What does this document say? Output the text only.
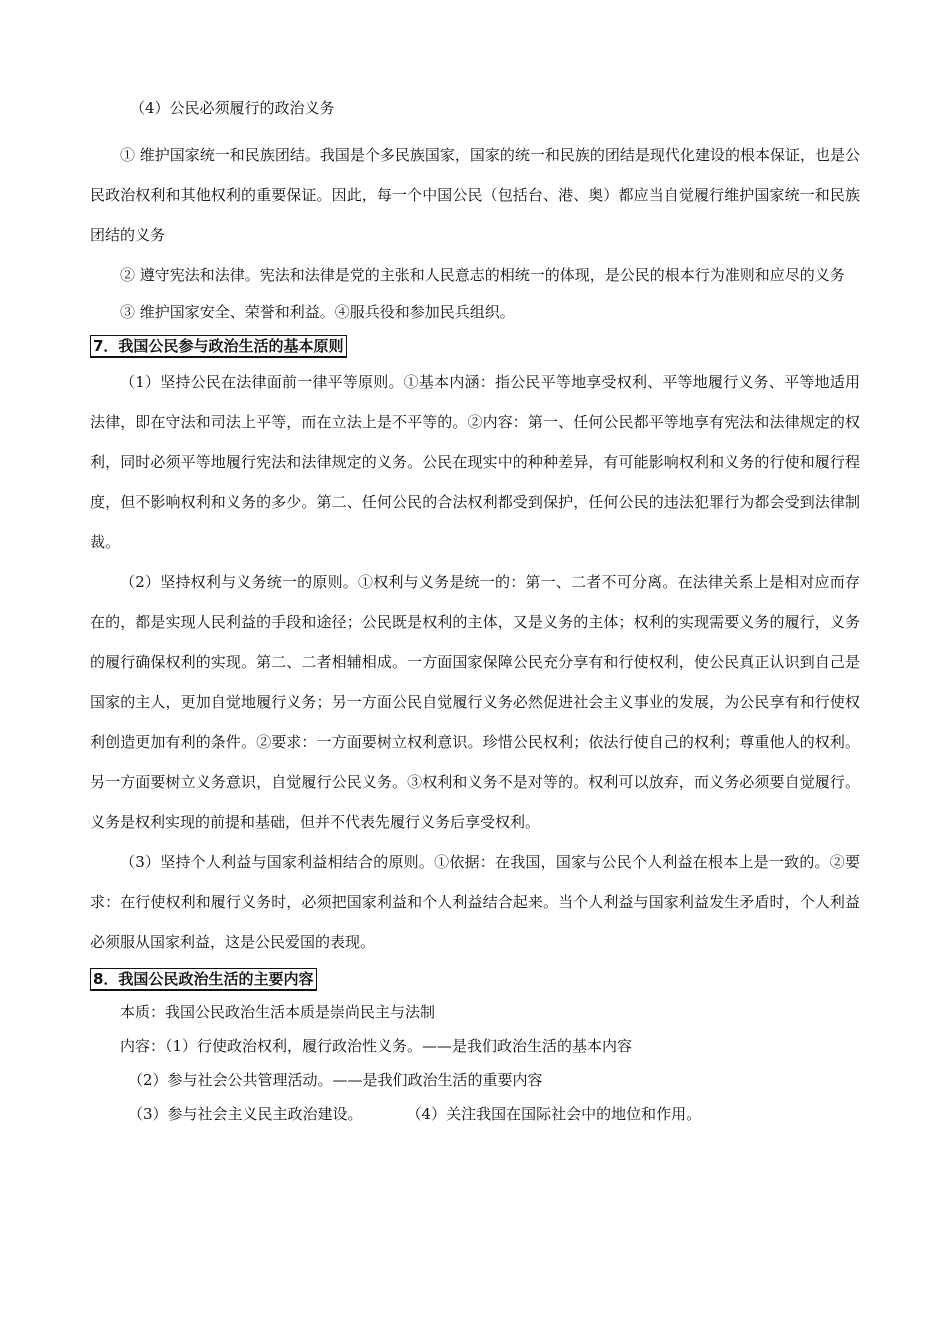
（4）公民必须履行的政治义务
① 维护国家统一和民族团结。我国是个多民族国家，国家的统一和民族的团结是现代化建设的根本保证，也是公民政治权利和其他权利的重要保证。因此，每一个中国公民（包括台、港、奥）都应当自觉履行维护国家统一和民族团结的义务
② 遵守宪法和法律。宪法和法律是党的主张和人民意志的相统一的体现，是公民的根本行为准则和应尽的义务
③ 维护国家安全、荣誉和利益。④服兵役和参加民兵组织。
7．我国公民参与政治生活的基本原则
（1）坚持公民在法律面前一律平等原则。①基本内涵：指公民平等地享受权利、平等地履行义务、平等地适用法律，即在守法和司法上平等，而在立法上是不平等的。②内容：第一、任何公民都平等地享有宪法和法律规定的权利，同时必须平等地履行宪法和法律规定的义务。公民在现实中的种种差异，有可能影响权利和义务的行使和履行程度，但不影响权利和义务的多少。第二、任何公民的合法权利都受到保护，任何公民的违法犯罪行为都会受到法律制裁。
（2）坚持权利与义务统一的原则。①权利与义务是统一的：第一、二者不可分离。在法律关系上是相对应而存在的，都是实现人民利益的手段和途径；公民既是权利的主体，又是义务的主体；权利的实现需要义务的履行，义务的履行确保权利的实现。第二、二者相辅相成。一方面国家保障公民充分享有和行使权利，使公民真正认识到自己是国家的主人，更加自觉地履行义务；另一方面公民自觉履行义务必然促进社会主义事业的发展，为公民享有和行使权利创造更加有利的条件。②要求：一方面要树立权利意识。珍惜公民权利；依法行使自己的权利；尊重他人的权利。另一方面要树立义务意识，自觉履行公民义务。③权利和义务不是对等的。权利可以放弃，而义务必须要自觉履行。义务是权利实现的前提和基础，但并不代表先履行义务后享受权利。
（3）坚持个人利益与国家利益相结合的原则。①依据：在我国，国家与公民个人利益在根本上是一致的。②要求：在行使权利和履行义务时，必须把国家利益和个人利益结合起来。当个人利益与国家利益发生矛盾时，个人利益必须服从国家利益，这是公民爱国的表现。
8．我国公民政治生活的主要内容
本质：我国公民政治生活本质是崇尚民主与法制
内容：（1）行使政治权利，履行政治性义务。——是我们政治生活的基本内容
（2）参与社会公共管理活动。——是我们政治生活的重要内容
（3）参与社会主义民主政治建设。	（4）关注我国在国际社会中的地位和作用。
